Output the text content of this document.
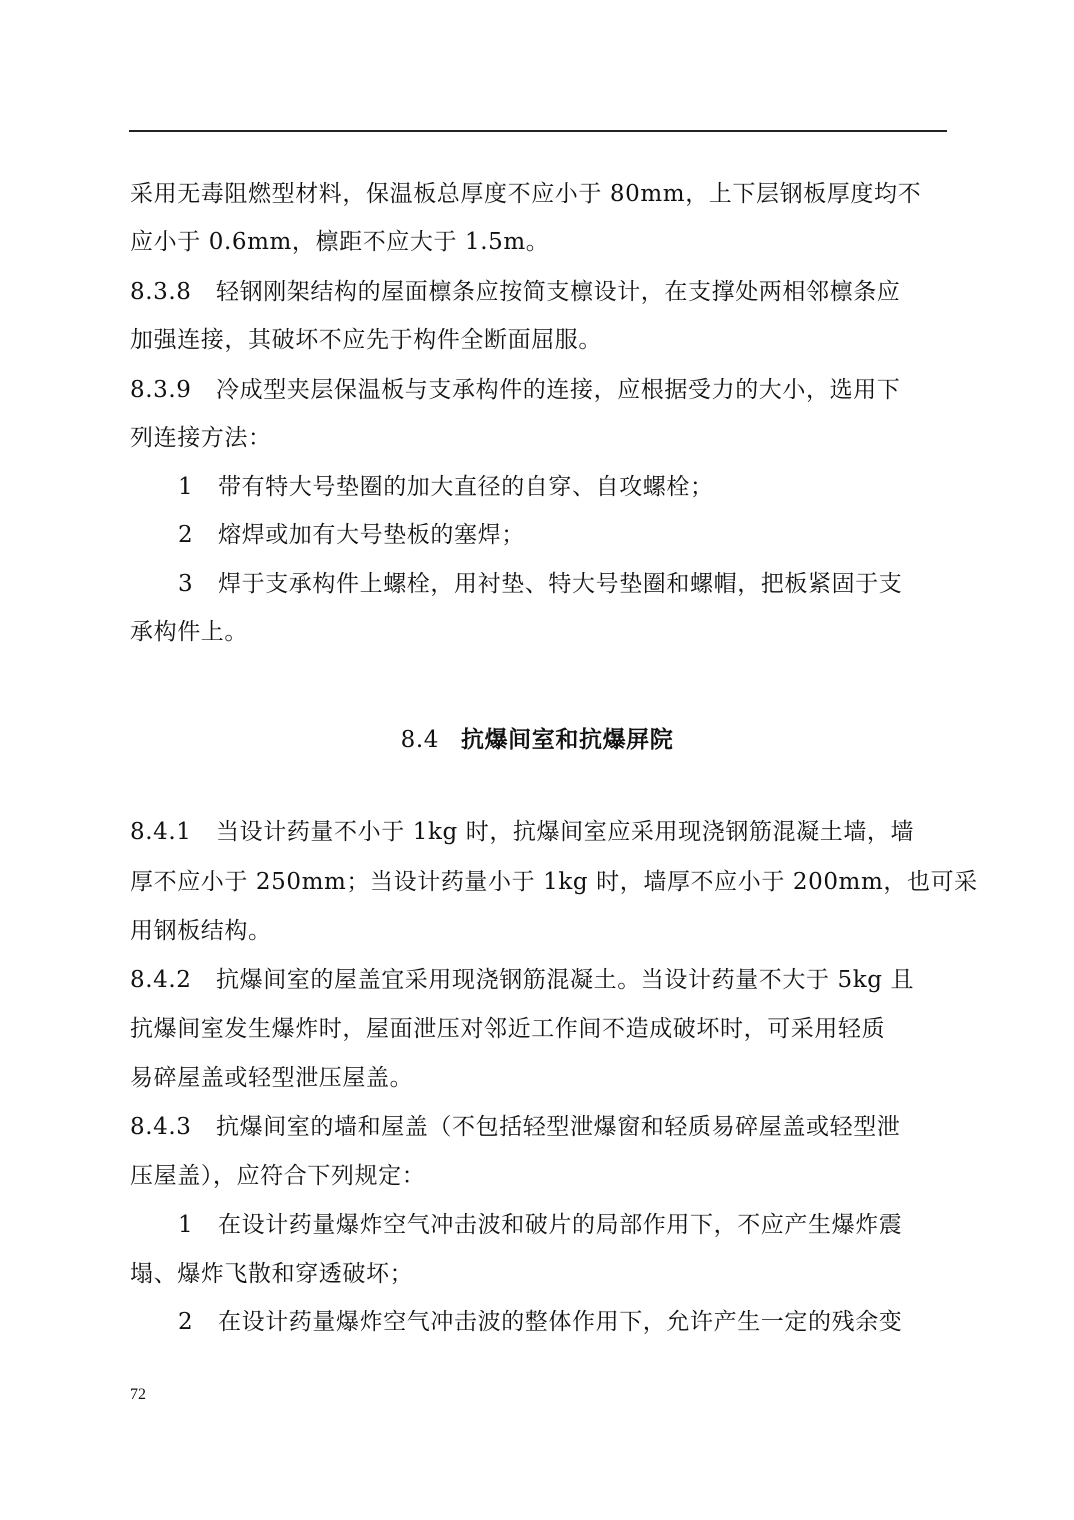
采用无毒阻燃型材料，保温板总厚度不应小于 80mm，上下层钢板厚度均不
应小于 0.6mm，檩距不应大于 1.5m。
8.3.8 轻钢刚架结构的屋面檩条应按简支檩设计，在支撑处两相邻檩条应
加强连接，其破坏不应先于构件全断面屈服。
8.3.9 冷成型夹层保温板与支承构件的连接，应根据受力的大小，选用下
列连接方法：
1 带有特大号垫圈的加大直径的自穿、自攻螺栓；
2 熔焊或加有大号垫板的塞焊；
3 焊于支承构件上螺栓，用衬垫、特大号垫圈和螺帽，把板紧固于支
承构件上。
8.4 抗爆间室和抗爆屏院
8.4.1 当设计药量不小于 1kg 时，抗爆间室应采用现浇钢筋混凝土墙，墙
厚不应小于 250mm；当设计药量小于 1kg 时，墙厚不应小于 200mm，也可采
用钢板结构。
8.4.2 抗爆间室的屋盖宜采用现浇钢筋混凝土。当设计药量不大于 5kg 且
抗爆间室发生爆炸时，屋面泄压对邻近工作间不造成破坏时，可采用轻质
易碎屋盖或轻型泄压屋盖。
8.4.3 抗爆间室的墙和屋盖（不包括轻型泄爆窗和轻质易碎屋盖或轻型泄
压屋盖），应符合下列规定：
1 在设计药量爆炸空气冲击波和破片的局部作用下，不应产生爆炸震
塌、爆炸飞散和穿透破坏；
2 在设计药量爆炸空气冲击波的整体作用下，允许产生一定的残余变
72
